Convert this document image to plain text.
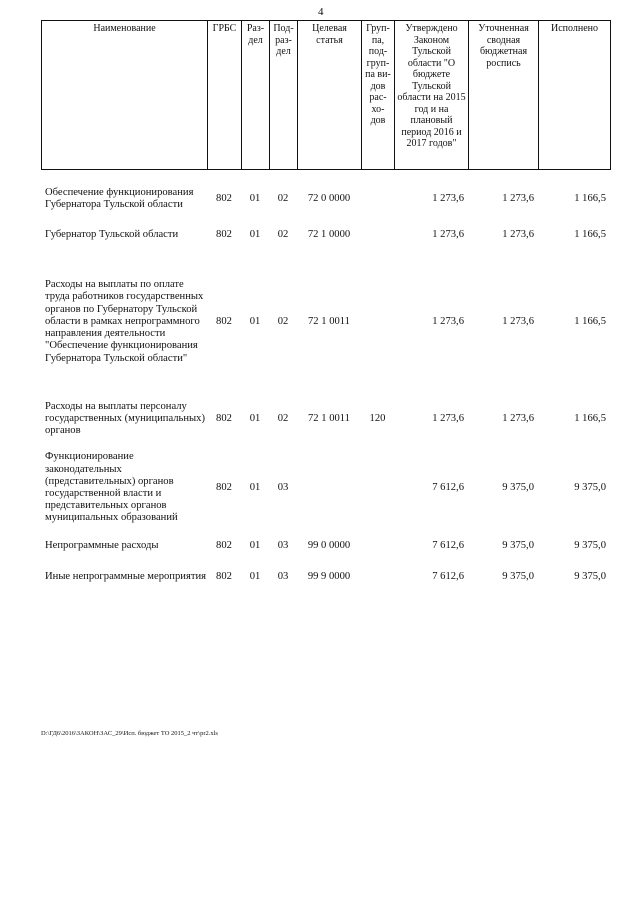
4
Наименование	ГРБС	Раз- дел	Под- раз- дел	Целевая статья	Груп- па, под- груп- па ви- дов рас- хо- дов	Утверждено Законом Тульской области "О бюджете Тульской области на 2015 год и на плановый период 2016 и 2017 годов"	Уточненная сводная бюджетная роспись	Исполнено
Обеспечение функционирования Губернатора Тульской области	802	01	02	72 0 0000		1 273,6	1 273,6	1 166,5
Губернатор Тульской области	802	01	02	72 1 0000		1 273,6	1 273,6	1 166,5
Расходы на выплаты по оплате труда работников государственных органов по Губернатору Тульской области в рамках непрограммного направления деятельности "Обеспечение функционирования Губернатора Тульской области"	802	01	02	72 1 0011		1 273,6	1 273,6	1 166,5
Расходы на выплаты персоналу государственных (муниципальных) органов	802	01	02	72 1 0011	120	1 273,6	1 273,6	1 166,5
Функционирование законодательных (представительных) органов государственной власти и представительных органов муниципальных образований	802	01	03			7 612,6	9 375,0	9 375,0
Непрограммные расходы	802	01	03	99 0 0000		7 612,6	9 375,0	9 375,0
Иные непрограммные мероприятия	802	01	03	99 9 0000		7 612,6	9 375,0	9 375,0
D:\ГД6\2016\ЗАКОН\ЗАС_29\Исп. бюджет ТО 2015_2 чт\pr2.xls
